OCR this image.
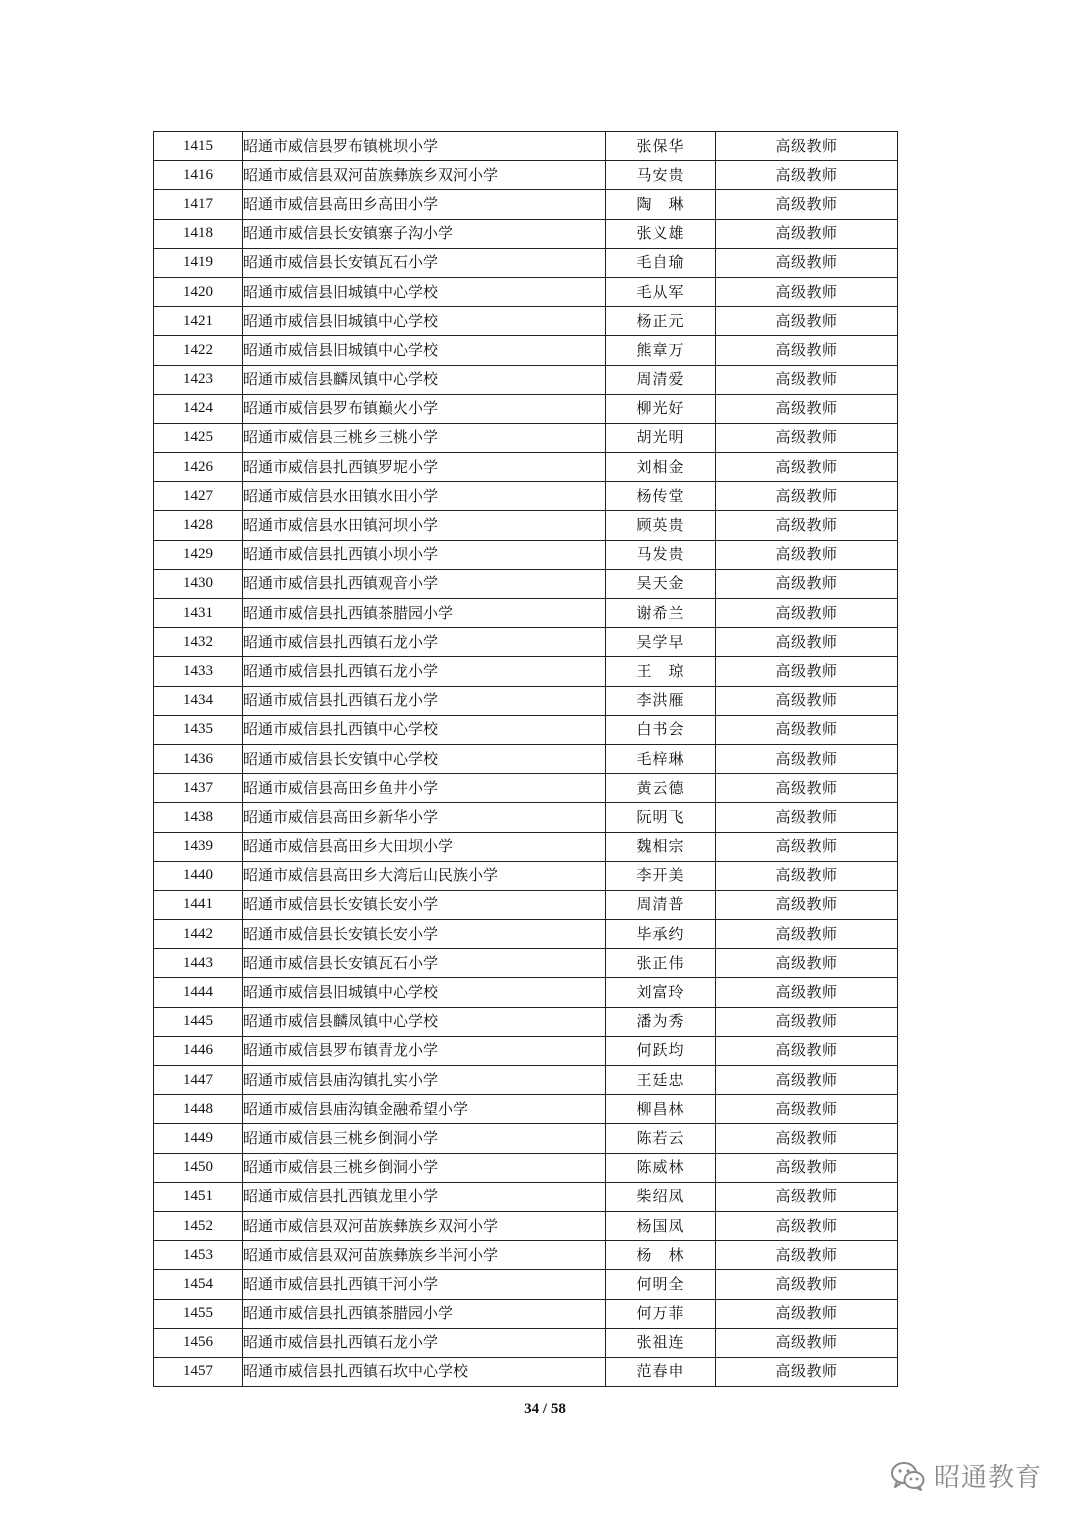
1415	昭通市威信县罗布镇桃坝小学	张保华	高级教师
1416	昭通市威信县双河苗族彝族乡双河小学	马安贵	高级教师
1417	昭通市威信县高田乡高田小学	陶　琳	高级教师
1418	昭通市威信县长安镇寨子沟小学	张义雄	高级教师
1419	昭通市威信县长安镇瓦石小学	毛自瑜	高级教师
1420	昭通市威信县旧城镇中心学校	毛从军	高级教师
1421	昭通市威信县旧城镇中心学校	杨正元	高级教师
1422	昭通市威信县旧城镇中心学校	熊章万	高级教师
1423	昭通市威信县麟凤镇中心学校	周清爱	高级教师
1424	昭通市威信县罗布镇巅火小学	柳光好	高级教师
1425	昭通市威信县三桃乡三桃小学	胡光明	高级教师
1426	昭通市威信县扎西镇罗坭小学	刘相金	高级教师
1427	昭通市威信县水田镇水田小学	杨传堂	高级教师
1428	昭通市威信县水田镇河坝小学	顾英贵	高级教师
1429	昭通市威信县扎西镇小坝小学	马发贵	高级教师
1430	昭通市威信县扎西镇观音小学	吴天金	高级教师
1431	昭通市威信县扎西镇茶腊园小学	谢希兰	高级教师
1432	昭通市威信县扎西镇石龙小学	吴学早	高级教师
1433	昭通市威信县扎西镇石龙小学	王　琼	高级教师
1434	昭通市威信县扎西镇石龙小学	李洪雁	高级教师
1435	昭通市威信县扎西镇中心学校	白书会	高级教师
1436	昭通市威信县长安镇中心学校	毛梓琳	高级教师
1437	昭通市威信县高田乡鱼井小学	黄云德	高级教师
1438	昭通市威信县高田乡新华小学	阮明飞	高级教师
1439	昭通市威信县高田乡大田坝小学	魏相宗	高级教师
1440	昭通市威信县高田乡大湾后山民族小学	李开美	高级教师
1441	昭通市威信县长安镇长安小学	周清普	高级教师
1442	昭通市威信县长安镇长安小学	毕承约	高级教师
1443	昭通市威信县长安镇瓦石小学	张正伟	高级教师
1444	昭通市威信县旧城镇中心学校	刘富玲	高级教师
1445	昭通市威信县麟凤镇中心学校	潘为秀	高级教师
1446	昭通市威信县罗布镇青龙小学	何跃均	高级教师
1447	昭通市威信县庙沟镇扎实小学	王廷忠	高级教师
1448	昭通市威信县庙沟镇金融希望小学	柳昌林	高级教师
1449	昭通市威信县三桃乡倒洞小学	陈若云	高级教师
1450	昭通市威信县三桃乡倒洞小学	陈威林	高级教师
1451	昭通市威信县扎西镇龙里小学	柴绍凤	高级教师
1452	昭通市威信县双河苗族彝族乡双河小学	杨国凤	高级教师
1453	昭通市威信县双河苗族彝族乡半河小学	杨　林	高级教师
1454	昭通市威信县扎西镇干河小学	何明全	高级教师
1455	昭通市威信县扎西镇茶腊园小学	何万菲	高级教师
1456	昭通市威信县扎西镇石龙小学	张祖连	高级教师
1457	昭通市威信县扎西镇石坎中心学校	范春申	高级教师
34 / 58
昭通教育
